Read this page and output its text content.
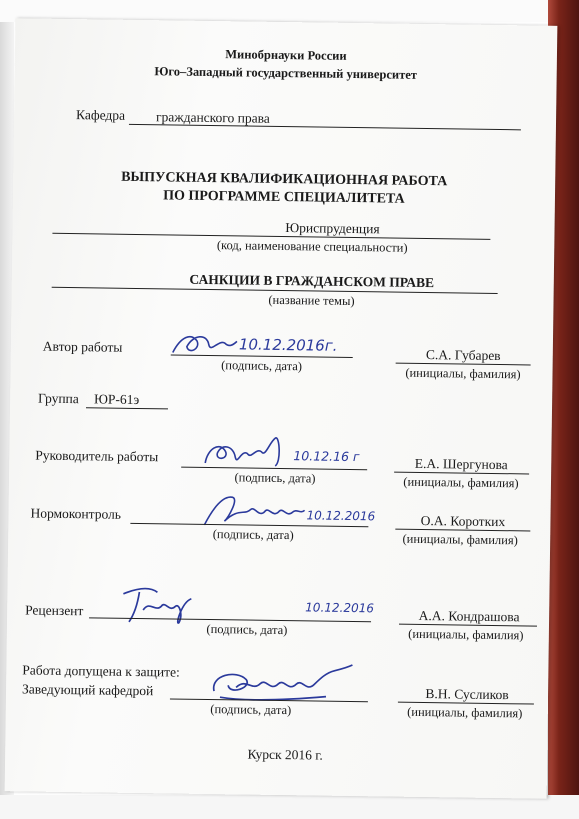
Минобрнауки России
Юго–Западный государственный университет
Кафедра гражданского права
ВЫПУСКНАЯ КВАЛИФИКАЦИОННАЯ РАБОТА
ПО ПРОГРАММЕ СПЕЦИАЛИТЕТА
Юриспруденция
(код, наименование специальности)
САНКЦИИ В ГРАЖДАНСКОМ ПРАВЕ
(название темы)
Автор работы	10.12.2016г.
(подпись, дата)
С.А. Губарев
(инициалы, фамилия)
Группа ЮР-61э
Руководитель работы	10.12.16 г
(подпись, дата)
Е.А. Шергунова
(инициалы, фамилия)
Нормоконтроль	10.12.2016
(подпись, дата)
О.А. Коротких
(инициалы, фамилия)
Рецензент	10.12.2016
(подпись, дата)
А.А. Кондрашова
(инициалы, фамилия)
Работа допущена к защите:
Заведующий кафедрой
(подпись, дата)
В.Н. Сусликов
(инициалы, фамилия)
Курск 2016 г.
